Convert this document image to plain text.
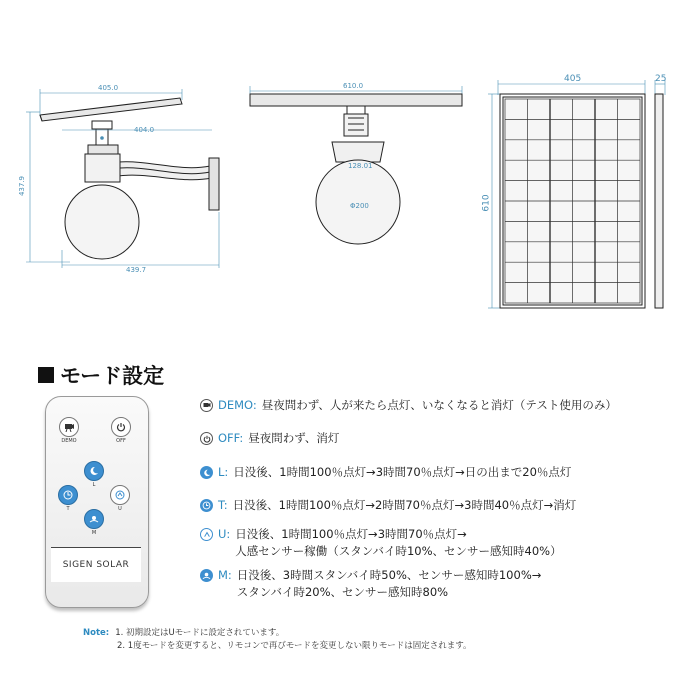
405.0
404.0
437.9
439.7
610.0
128.01
Φ200
405	25
610
モード設定
DEMO	OFF
L
T	U
M
SIGEN SOLAR
DEMO: 昼夜問わず、人が来たら点灯、いなくなると消灯（テスト使用のみ）
OFF: 昼夜問わず、消灯
L: 日没後、1時間100％点灯→3時間70％点灯→日の出まで20％点灯
T: 日没後、1時間100％点灯→2時間70％点灯→3時間40％点灯→消灯
U: 日没後、1時間100％点灯→3時間70％点灯→
人感センサー稼働（スタンバイ時10%、センサー感知時40%）
M: 日没後、3時間スタンバイ時50%、センサー感知時100%→
スタンバイ時20%、センサー感知時80%
Note: 1. 初期設定はUモードに設定されています。
2. 1度モードを変更すると、リモコンで再びモードを変更しない限りモードは固定されます。
